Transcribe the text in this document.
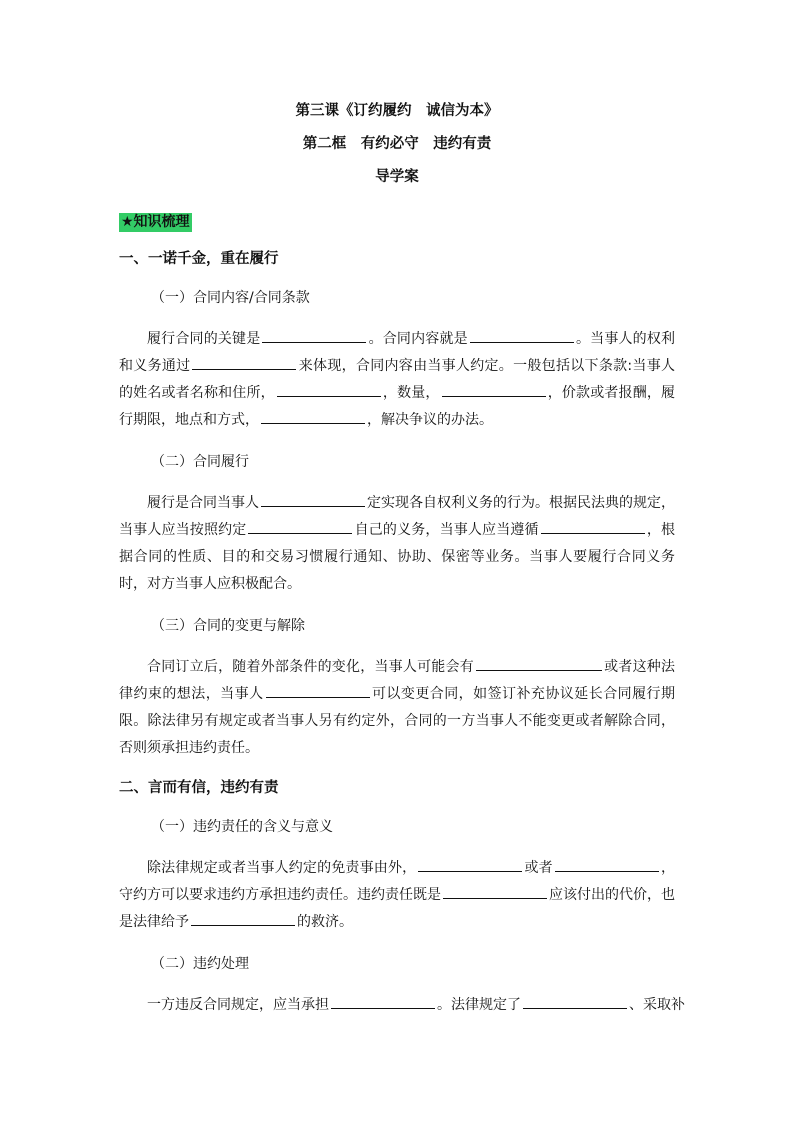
第三课《订约履约　诚信为本》

第二框　有约必守　违约有责

导学案

★知识梳理

一、一诺千金，重在履行

（一）合同内容/合同条款

履行合同的关键是	。合同内容就是	。当事人的权利和义务通过	来体现，合同内容由当事人约定。一般包括以下条款:当事人的姓名或者名称和住所，	，数量，	，价款或者报酬，履行期限，地点和方式，	，解决争议的办法。

（二）合同履行

履行是合同当事人	定实现各自权利义务的行为。根据民法典的规定，当事人应当按照约定	自己的义务，当事人应当遵循	，根据合同的性质、目的和交易习惯履行通知、协助、保密等业务。当事人要履行合同义务时，对方当事人应积极配合。

（三）合同的变更与解除

合同订立后，随着外部条件的变化，当事人可能会有	或者这种法律约束的想法，当事人	可以变更合同，如签订补充协议延长合同履行期限。除法律另有规定或者当事人另有约定外，合同的一方当事人不能变更或者解除合同，否则须承担违约责任。

二、言而有信，违约有责

（一）违约责任的含义与意义

除法律规定或者当事人约定的免责事由外，	或者	，守约方可以要求违约方承担违约责任。违约责任既是	应该付出的代价，也是法律给予	的救济。

（二）违约处理

一方违反合同规定，应当承担	。法律规定了	、采取补
